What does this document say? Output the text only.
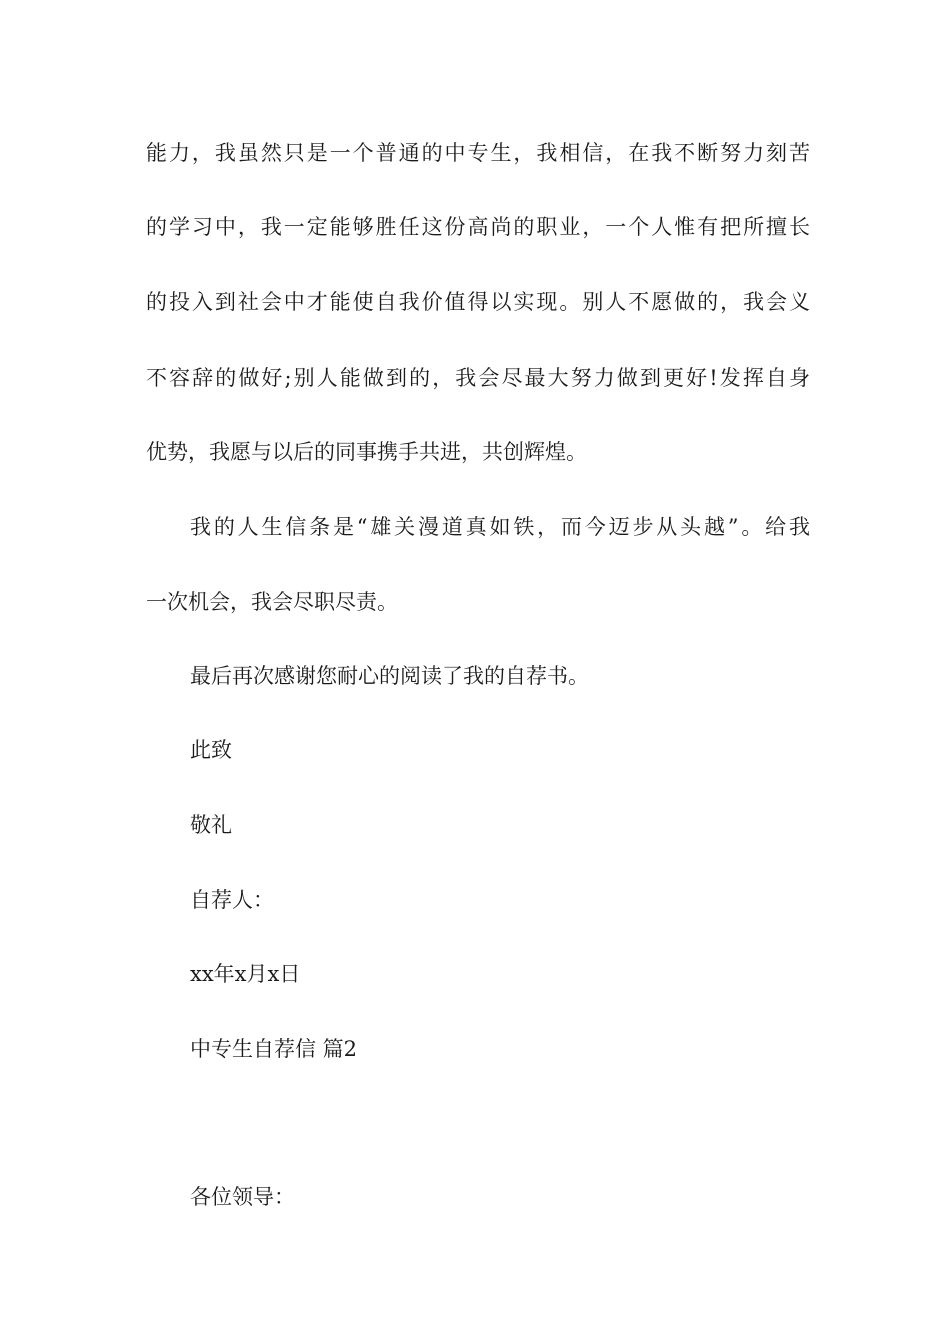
能力，我虽然只是一个普通的中专生，我相信，在我不断努力刻苦
的学习中，我一定能够胜任这份高尚的职业，一个人惟有把所擅长
的投入到社会中才能使自我价值得以实现。别人不愿做的，我会义
不容辞的做好;别人能做到的，我会尽最大努力做到更好!发挥自身
优势，我愿与以后的同事携手共进，共创辉煌。
我的人生信条是“雄关漫道真如铁，而今迈步从头越”。给我
一次机会，我会尽职尽责。
最后再次感谢您耐心的阅读了我的自荐书。
此致
敬礼
自荐人：
xx年x月x日
中专生自荐信 篇2
各位领导：
